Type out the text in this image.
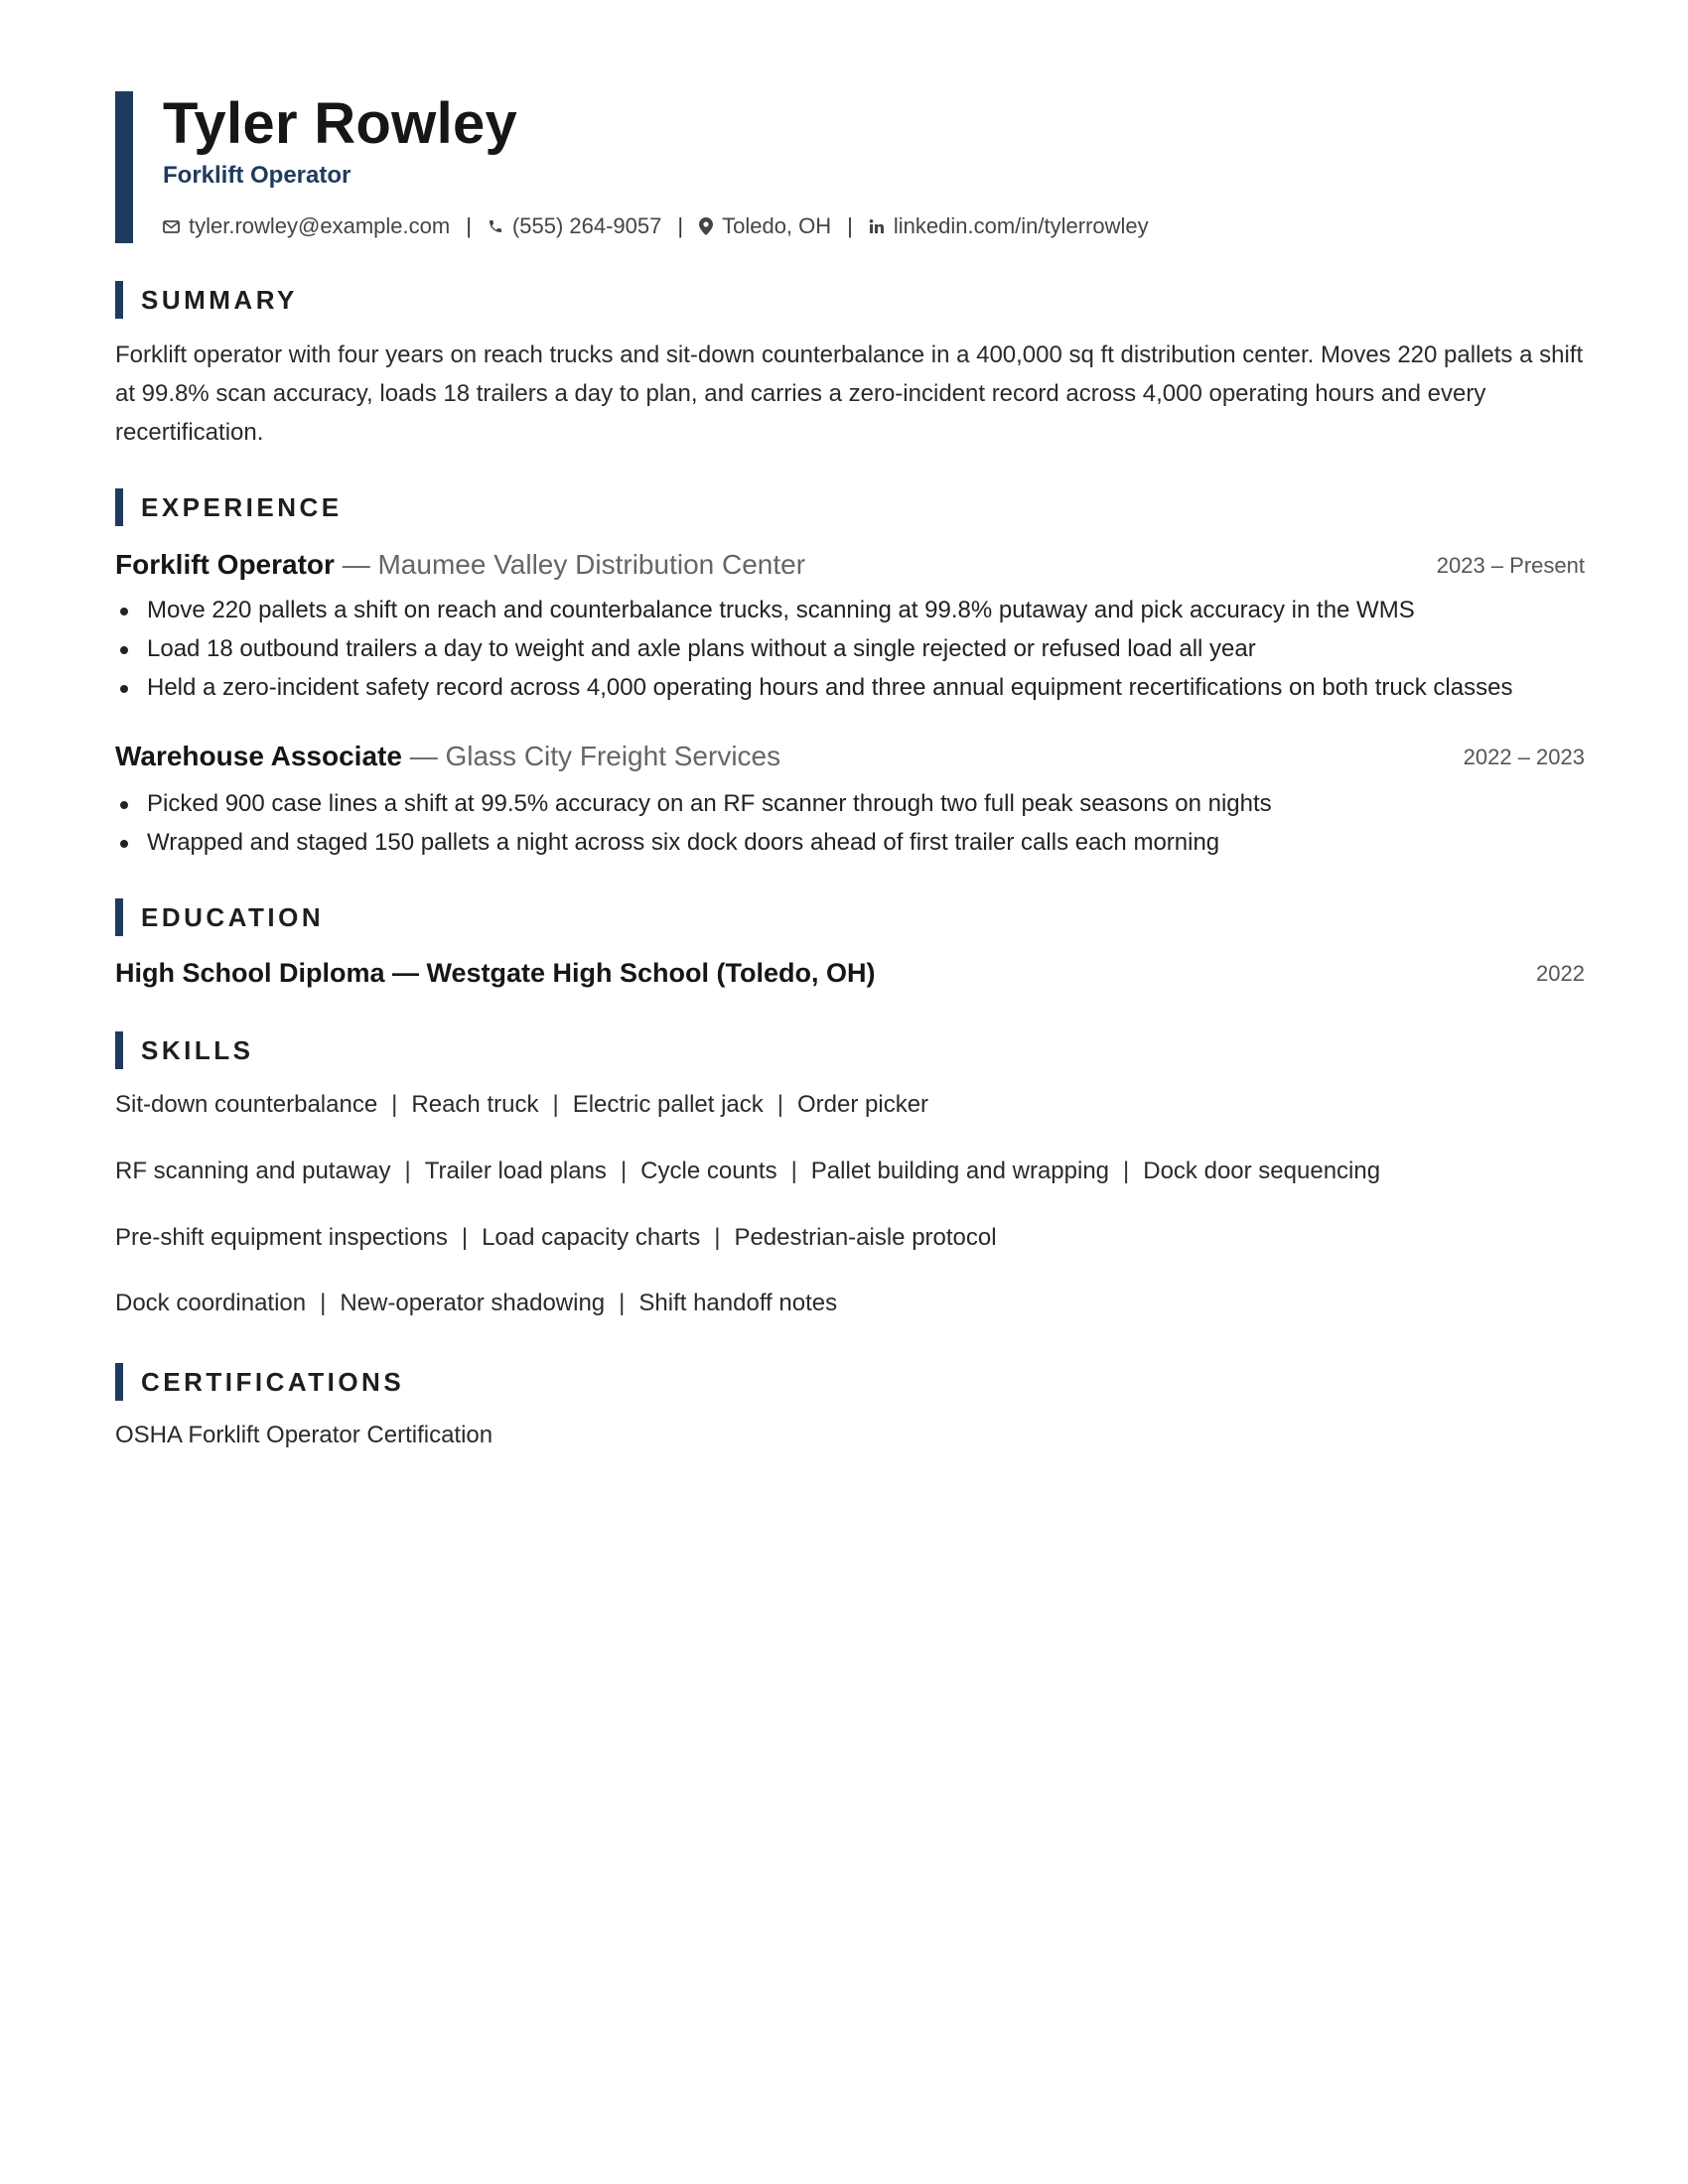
Tyler Rowley
Forklift Operator
tyler.rowley@example.com | (555) 264-9057 | Toledo, OH | linkedin.com/in/tylerrowley
SUMMARY

Forklift operator with four years on reach trucks and sit-down counterbalance in a 400,000 sq ft distribution center. Moves 220 pallets a shift at 99.8% scan accuracy, loads 18 trailers a day to plan, and carries a zero-incident record across 4,000 operating hours and every recertification.

EXPERIENCE
Forklift Operator — Maumee Valley Distribution Center	2023 – Present
Move 220 pallets a shift on reach and counterbalance trucks, scanning at 99.8% putaway and pick accuracy in the WMS
Load 18 outbound trailers a day to weight and axle plans without a single rejected or refused load all year
Held a zero-incident safety record across 4,000 operating hours and three annual equipment recertifications on both truck classes
Warehouse Associate — Glass City Freight Services	2022 – 2023
Picked 900 case lines a shift at 99.5% accuracy on an RF scanner through two full peak seasons on nights
Wrapped and staged 150 pallets a night across six dock doors ahead of first trailer calls each morning
EDUCATION
High School Diploma — Westgate High School (Toledo, OH)	2022
SKILLS
Sit-down counterbalance | Reach truck | Electric pallet jack | Order picker
RF scanning and putaway | Trailer load plans | Cycle counts | Pallet building and wrapping | Dock door sequencing
Pre-shift equipment inspections | Load capacity charts | Pedestrian-aisle protocol
Dock coordination | New-operator shadowing | Shift handoff notes
CERTIFICATIONS
OSHA Forklift Operator Certification
